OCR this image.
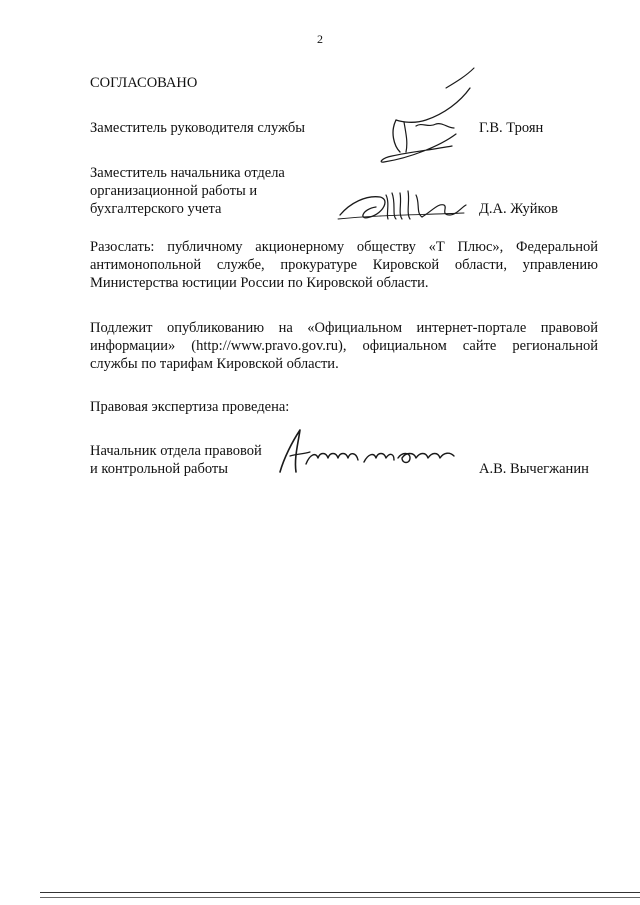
2
СОГЛАСОВАНО
Заместитель руководителя службы	Г.В. Троян
Заместитель начальника отдела
организационной работы и
бухгалтерского учета	Д.А. Жуйков
Разослать: публичному акционерному обществу «Т Плюс», Федеральной антимонопольной службе, прокуратуре Кировской области, управлению Министерства юстиции России по Кировской области.
Подлежит опубликованию на «Официальном интернет-портале правовой информации» (http://www.pravo.gov.ru), официальном сайте региональной службы по тарифам Кировской области.
Правовая экспертиза проведена:
Начальник отдела правовой
и контрольной работы	А.В. Вычегжанин
